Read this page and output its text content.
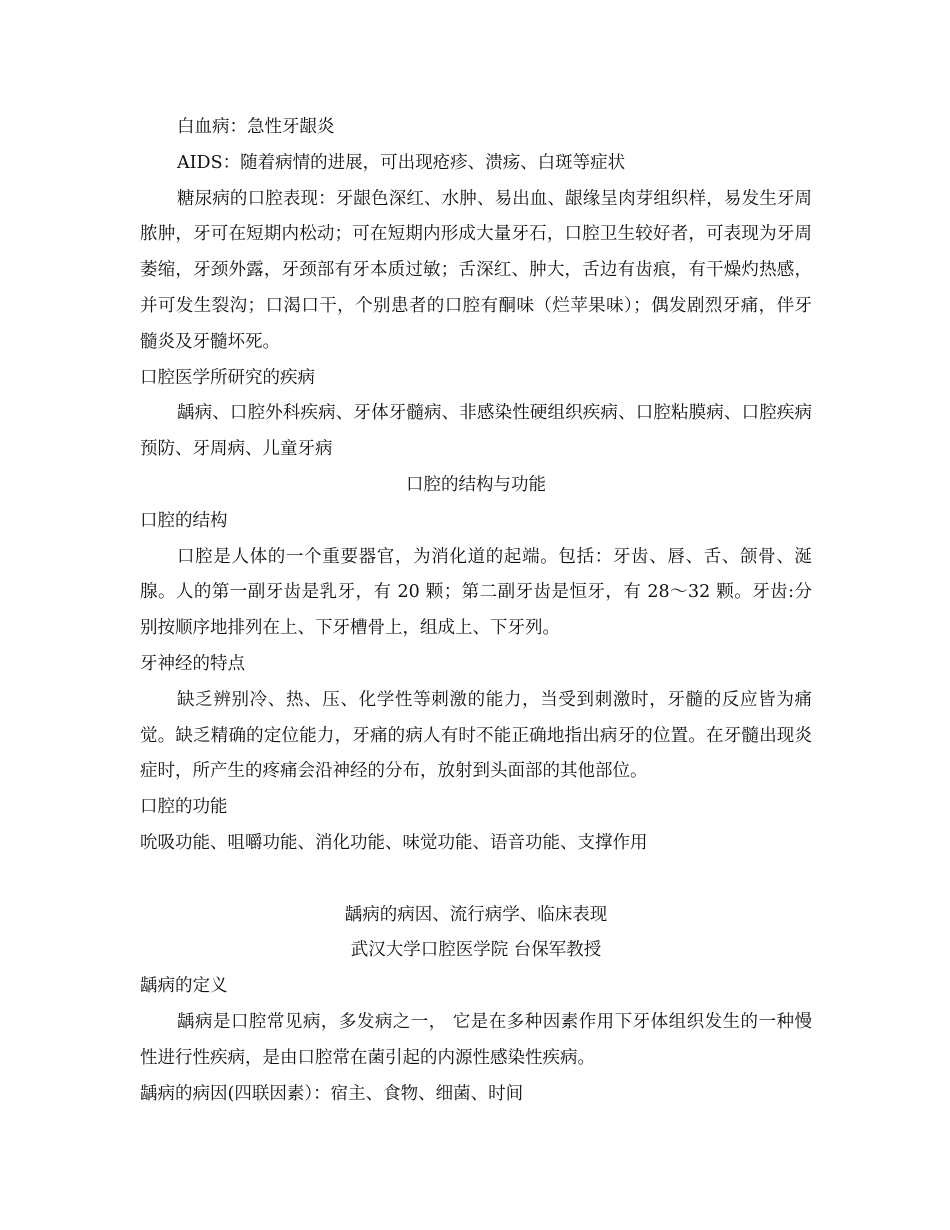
白血病：急性牙龈炎

AIDS：随着病情的进展，可出现疮疹、溃疡、白斑等症状

糖尿病的口腔表现：牙龈色深红、水肿、易出血、龈缘呈肉芽组织样，易发生牙周脓肿，牙可在短期内松动；可在短期内形成大量牙石，口腔卫生较好者，可表现为牙周萎缩，牙颈外露，牙颈部有牙本质过敏；舌深红、肿大，舌边有齿痕，有干燥灼热感，并可发生裂沟；口渴口干，个别患者的口腔有酮味（烂苹果味）；偶发剧烈牙痛，伴牙髓炎及牙髓坏死。

口腔医学所研究的疾病

龋病、口腔外科疾病、牙体牙髓病、非感染性硬组织疾病、口腔粘膜病、口腔疾病预防、牙周病、儿童牙病

口腔的结构与功能

口腔的结构

口腔是人体的一个重要器官，为消化道的起端。包括：牙齿、唇、舌、颌骨、涎腺。人的第一副牙齿是乳牙，有 20 颗；第二副牙齿是恒牙，有 28～32 颗。牙齿:分别按顺序地排列在上、下牙槽骨上，组成上、下牙列。

牙神经的特点

缺乏辨别冷、热、压、化学性等刺激的能力，当受到刺激时，牙髓的反应皆为痛觉。缺乏精确的定位能力，牙痛的病人有时不能正确地指出病牙的位置。在牙髓出现炎症时，所产生的疼痛会沿神经的分布，放射到头面部的其他部位。

口腔的功能

吮吸功能、咀嚼功能、消化功能、味觉功能、语音功能、支撑作用

龋病的病因、流行病学、临床表现

武汉大学口腔医学院 台保军教授

龋病的定义

龋病是口腔常见病，多发病之一， 它是在多种因素作用下牙体组织发生的一种慢性进行性疾病，是由口腔常在菌引起的内源性感染性疾病。

龋病的病因(四联因素）：宿主、食物、细菌、时间
